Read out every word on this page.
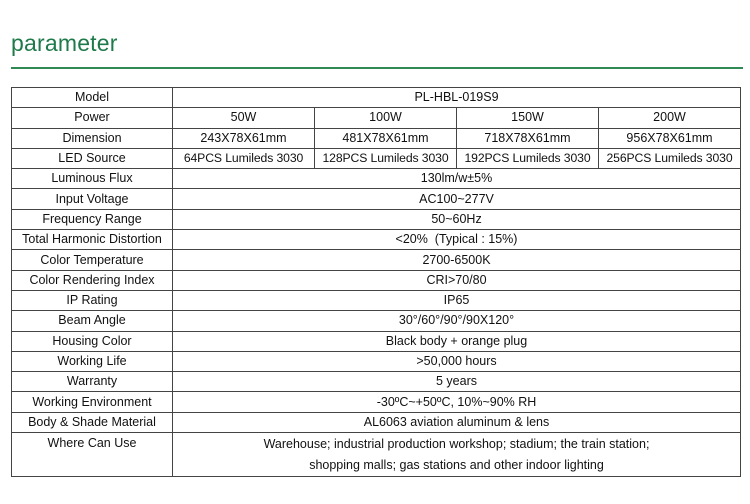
parameter
Model	PL-HBL-019S9			
Power	50W	100W	150W	200W
Dimension	243X78X61mm	481X78X61mm	718X78X61mm	956X78X61mm
LED Source	64PCS Lumileds 3030	128PCS Lumileds 3030	192PCS Lumileds 3030	256PCS Lumileds 3030
Luminous Flux	130lm/w±5%			
Input Voltage	AC100~277V			
Frequency Range	50~60Hz			
Total Harmonic Distortion	<20%  (Typical : 15%)			
Color Temperature	2700-6500K			
Color Rendering Index	CRI>70/80			
IP Rating	IP65			
Beam Angle	30°/60°/90°/90X120°			
Housing Color	Black body + orange plug			
Working Life	>50,000 hours			
Warranty	5 years			
Working Environment	-30ºC~+50ºC, 10%~90% RH			
Body & Shade Material	AL6063 aviation aluminum & lens			
Where Can Use	Warehouse; industrial production workshop; stadium; the train station;
shopping malls; gas stations and other indoor lighting			
